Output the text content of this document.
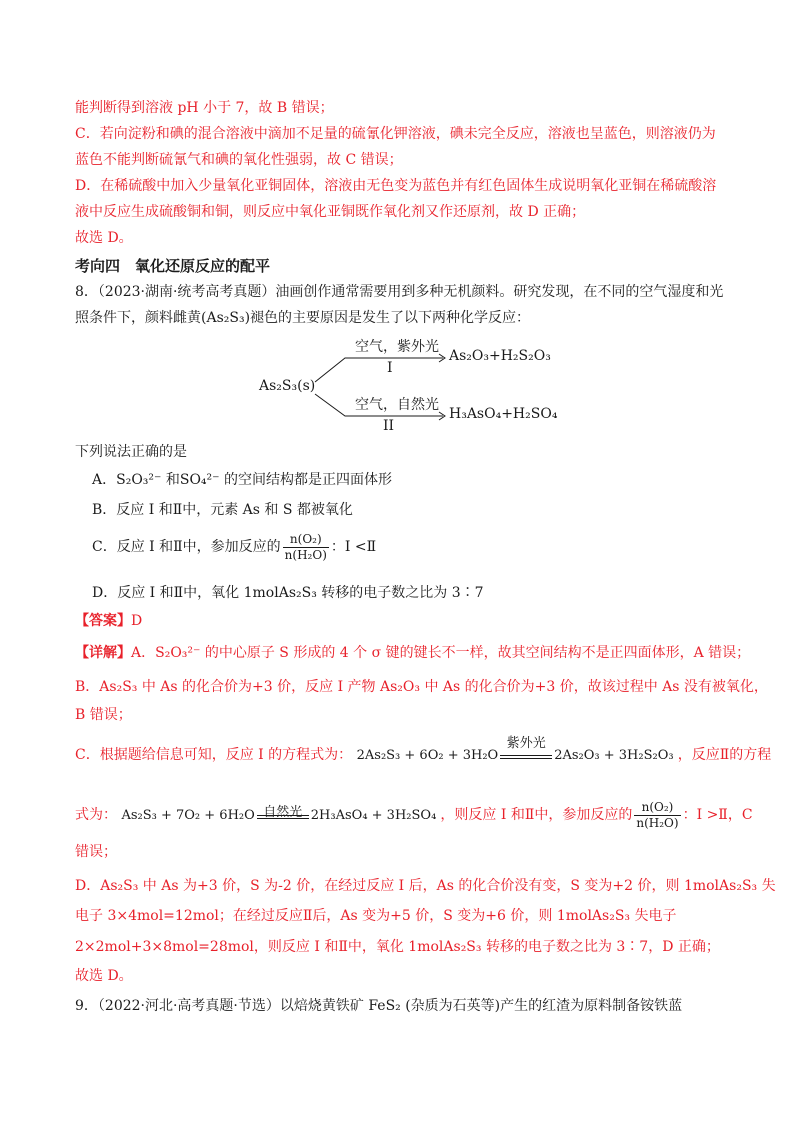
能判断得到溶液 pH 小于 7，故 B 错误；
C．若向淀粉和碘的混合溶液中滴加不足量的硫氰化钾溶液，碘未完全反应，溶液也呈蓝色，则溶液仍为
蓝色不能判断硫氰气和碘的氧化性强弱，故 C 错误；
D．在稀硫酸中加入少量氧化亚铜固体，溶液由无色变为蓝色并有红色固体生成说明氧化亚铜在稀硫酸溶
液中反应生成硫酸铜和铜，则反应中氧化亚铜既作氧化剂又作还原剂，故 D 正确；
故选 D。
考向四　氧化还原反应的配平
8．（2023·湖南·统考高考真题）油画创作通常需要用到多种无机颜料。研究发现，在不同的空气湿度和光
照条件下，颜料雌黄(As₂S₃)褪色的主要原因是发生了以下两种化学反应：
As₂S₃(s)
空气，紫外光
I
As₂O₃+H₂S₂O₃
空气，自然光
II
H₃AsO₄+H₂SO₄
下列说法正确的是
A．S₂O₃²⁻ 和SO₄²⁻ 的空间结构都是正四面体形
B．反应 I 和Ⅱ中，元素 As 和 S 都被氧化
C．反应 I 和Ⅱ中，参加反应的 $\frac{\text{n(O₂)}}{\text{n(H₂O)}}$ ：I <Ⅱ
D．反应 I 和Ⅱ中，氧化 1molAs₂S₃ 转移的电子数之比为 3∶7
【答案】D
【详解】A．S₂O₃²⁻ 的中心原子 S 形成的 4 个 σ 键的键长不一样，故其空间结构不是正四面体形，A 错误；
B．As₂S₃ 中 As 的化合价为+3 价，反应 I 产物 As₂O₃ 中 As 的化合价为+3 价，故该过程中 As 没有被氧化，
B 错误；
C．根据题给信息可知，反应 I 的方程式为： 2As₂S₃ + 6O₂ + 3H₂O
紫外光
2As₂O₃ + 3H₂S₂O₃ ，反应Ⅱ的方程
式为： As₂S₃ + 7O₂ + 6H₂O 自然光 2H₃AsO₄ + 3H₂SO₄ ，则反应 I 和Ⅱ中，参加反应的 $\frac{\text{n(O₂)}}{\text{n(H₂O)}}$ ：I >Ⅱ，C
错误；
D．As₂S₃ 中 As 为+3 价，S 为-2 价，在经过反应 I 后，As 的化合价没有变，S 变为+2 价，则 1molAs₂S₃ 失
电子 3×4mol=12mol；在经过反应Ⅱ后，As 变为+5 价，S 变为+6 价，则 1molAs₂S₃ 失电子
2×2mol+3×8mol=28mol，则反应 I 和Ⅱ中，氧化 1molAs₂S₃ 转移的电子数之比为 3∶7，D 正确；
故选 D。
9．（2022·河北·高考真题·节选）以焙烧黄铁矿 FeS₂ (杂质为石英等)产生的红渣为原料制备铵铁蓝
